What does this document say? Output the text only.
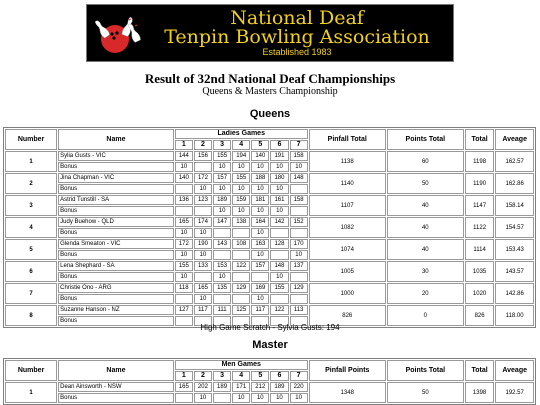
National Deaf
Tenpin Bowling Association
Established 1983
Result of 32nd National Deaf Championships
Queens & Masters Championship
Queens
Number	Name	Ladies Games							Pinfall Total	Points Total	Total	Aveage
		1	2	3	4	5	6	7				
1	Sylia Gusts - VIC	144	156	155	194	140	191	158	1138	60	1198	162.57
	Bonus	10		10	10	10	10	10				
2	Jina Chapman - VIC	140	172	157	155	188	180	148	1140	50	1190	162.86
	Bonus		10	10	10	10	10					
3	Astrid Tunstill - SA	136	123	189	159	181	161	158	1107	40	1147	158.14
	Bonus			10	10	10	10					
4	Judy Buehow - QLD	165	174	147	138	164	142	152	1082	40	1122	154.57
	Bonus	10	10			10						
5	Glenda Smeaton - VIC	172	190	143	108	163	128	170	1074	40	1114	153.43
	Bonus	10	10			10		10				
6	Lena Shephard - SA	155	133	153	122	157	148	137	1005	30	1035	143.57
	Bonus	10		10			10					
7	Christie Ono - ARG	118	165	135	129	169	155	129	1000	20	1020	142.86
	Bonus		10			10						
8	Suzanne Hanson - NZ	127	117	111	125	117	122	113	826	0	826	118.00
	Bonus											
High Game Scratch - Sylvia Gusts: 194
Master
Number	Name	Men Games							Pinfall Points	Points Total	Total	Aveage
		1	2	3	4	5	6	7				
1	Dean Ainsworth - NSW	165	202	189	171	212	189	220	1348	50	1398	192.57
	Bonus		10		10	10	10	10				
